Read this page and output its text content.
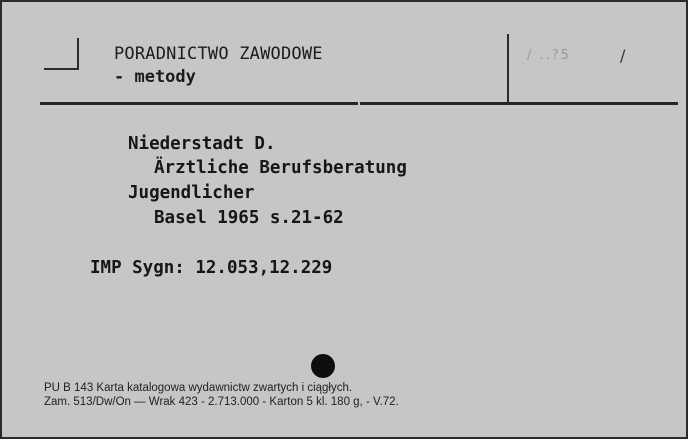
PORADNICTWO ZAWODOWE
- metody
/ ..?5	/
Niederstadt D.
Ärztliche Berufsberatung
Jugendlicher
Basel 1965 s.21-62
IMP Sygn: 12.053,12.229
PU B 143 Karta katalogowa wydawnictw zwartych i ciągłych.
Zam. 513/Dw/On — Wrak 423 - 2.713.000 - Karton 5 kl. 180 g, - V.72.
